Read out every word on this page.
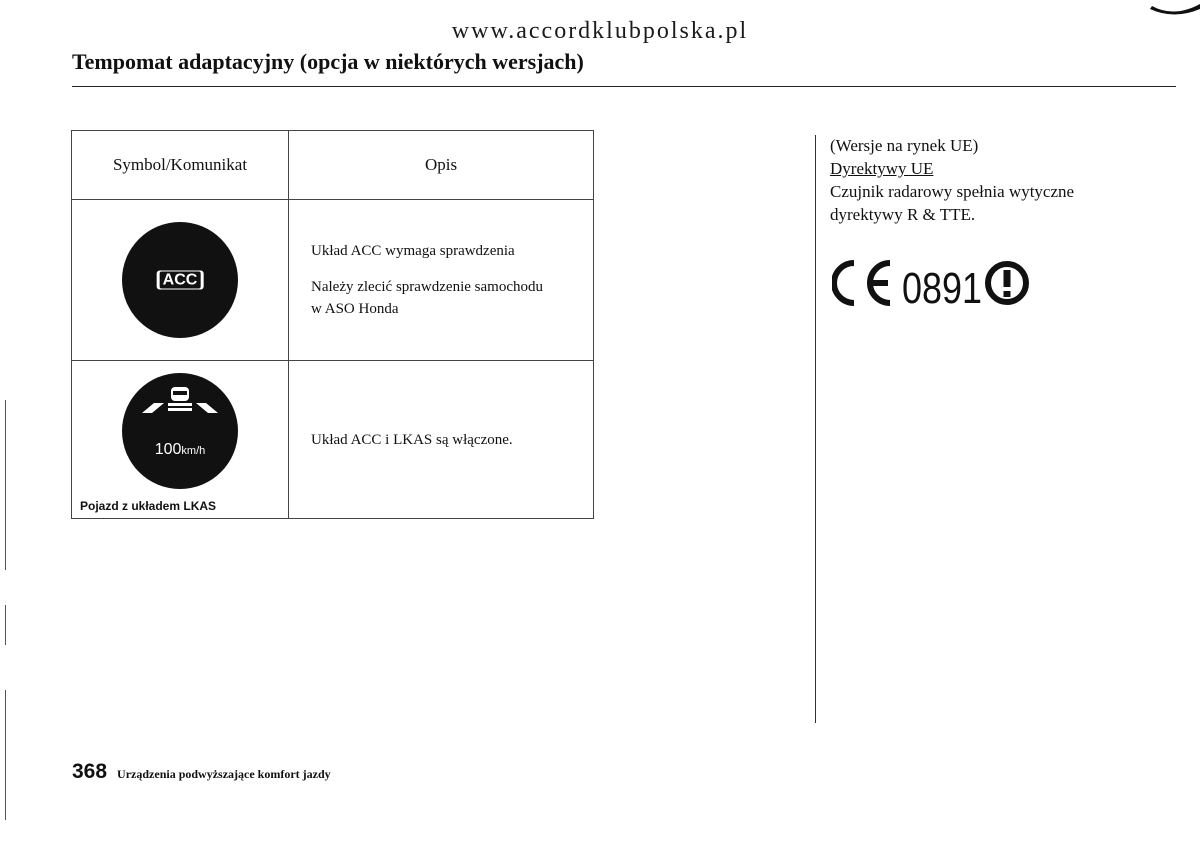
www.accordklubpolska.pl
Tempomat adaptacyjny (opcja w niektórych wersjach)
Symbol/Komunikat	Opis

ACC	Układ ACC wymaga sprawdzenia

Należy zlecić sprawdzenie samochodu
w ASO Honda

100km/h
Pojazd z układem LKAS	Układ ACC i LKAS są włączone.
(Wersje na rynek UE)
Dyrektywy UE
Czujnik radarowy spełnia wytyczne
dyrektywy R & TTE.
0891
368 Urządzenia podwyższające komfort jazdy
